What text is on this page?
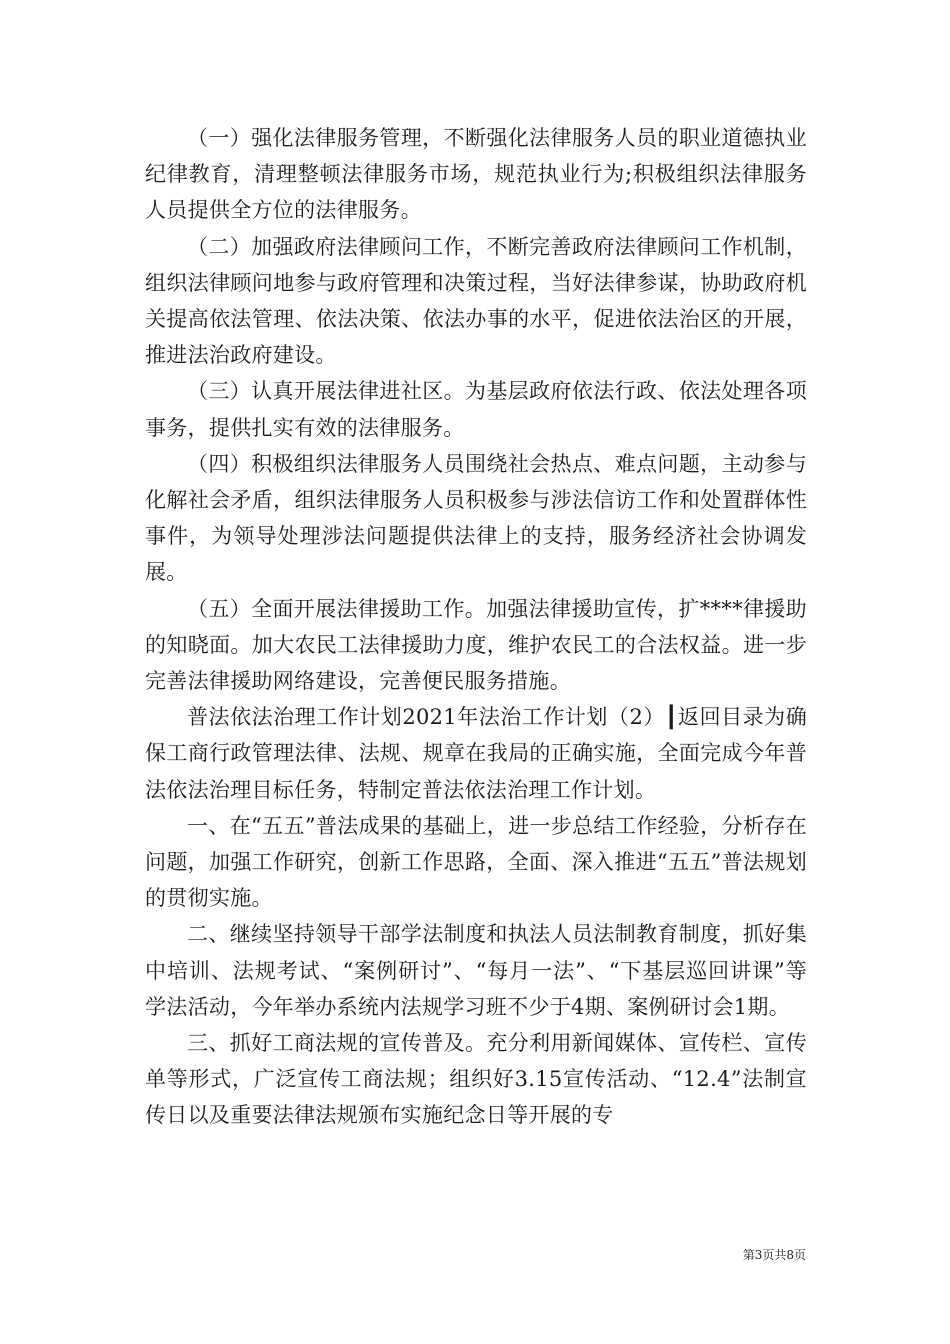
（一）强化法律服务管理，不断强化法律服务人员的职业道德执业纪律教育，清理整顿法律服务市场，规范执业行为;积极组织法律服务人员提供全方位的法律服务。

（二）加强政府法律顾问工作，不断完善政府法律顾问工作机制，组织法律顾问地参与政府管理和决策过程，当好法律参谋，协助政府机关提高依法管理、依法决策、依法办事的水平，促进依法治区的开展，推进法治政府建设。

（三）认真开展法律进社区。为基层政府依法行政、依法处理各项事务，提供扎实有效的法律服务。

（四）积极组织法律服务人员围绕社会热点、难点问题，主动参与化解社会矛盾，组织法律服务人员积极参与涉法信访工作和处置群体性事件，为领导处理涉法问题提供法律上的支持，服务经济社会协调发展。

（五）全面开展法律援助工作。加强法律援助宣传，扩****律援助的知晓面。加大农民工法律援助力度，维护农民工的合法权益。进一步完善法律援助网络建设，完善便民服务措施。

普法依法治理工作计划2021年法治工作计划（2）┃返回目录为确保工商行政管理法律、法规、规章在我局的正确实施，全面完成今年普法依法治理目标任务，特制定普法依法治理工作计划。

一、在“五五”普法成果的基础上，进一步总结工作经验，分析存在问题，加强工作研究，创新工作思路，全面、深入推进“五五”普法规划的贯彻实施。

二、继续坚持领导干部学法制度和执法人员法制教育制度，抓好集中培训、法规考试、“案例研讨”、“每月一法”、“下基层巡回讲课”等学法活动，今年举办系统内法规学习班不少于4期、案例研讨会1期。

三、抓好工商法规的宣传普及。充分利用新闻媒体、宣传栏、宣传单等形式，广泛宣传工商法规；组织好3.15宣传活动、“12.4”法制宣传日以及重要法律法规颁布实施纪念日等开展的专

第3页共8页
